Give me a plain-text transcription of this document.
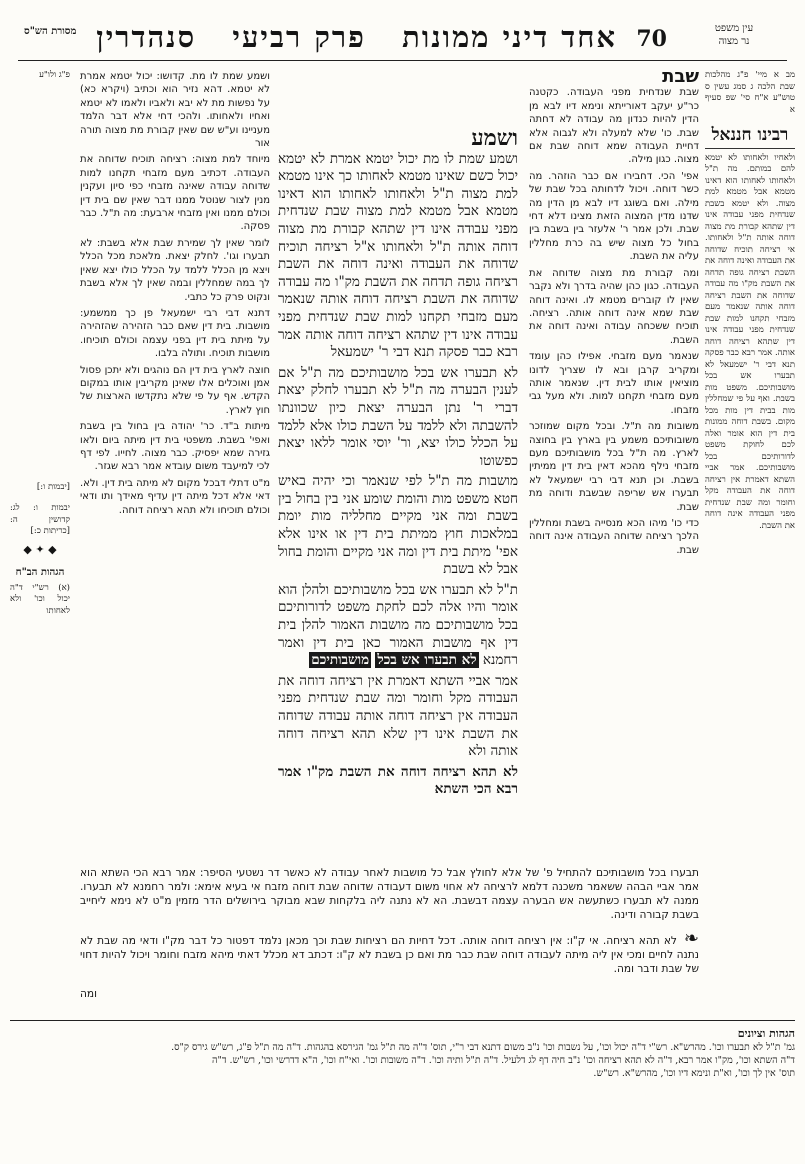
עין משפט
נר מצוה
70
אחד דיני ממונות   פרק רביעי   סנהדרין
מסורת הש"ס
מב א מיי' פ"ג מהלכות שבת הלכה ג סמג עשין ס טוש"ע א"ח סי' שפ סעיף א
רבינו חננאל
ולאחיו ולאחותו לא יטמא להם במותם. מה ת"ל ולאחותו לאחותו הוא דאינו מטמא אבל מטמא למת מצוה. ולא יטמא בשבת שנדחית מפני עבודה אינו דין שתהא קבורת מת מצוה דוחה אותה ת"ל ולאחותו. אי רציחה תוכיח שדוחה את העבודה ואינה דוחה את השבת רציחה גופה תדחה את השבת מק"ו מה עבודה שדוחה את השבת רציחה דוחה אותה שנאמר מעם מזבחי תקחנו למות שבת שנדחית מפני עבודה אינו דין שתהא רציחה דוחה אותה. אמר רבא כבר פסקה תנא דבי ר' ישמעאל לא תבערו אש בכל מושבותיכם. משפט מות בשבת. ואף על פי שמחללין מות בבית דין מות מכל מקום. בשבת דוחה ממונות בית דין הוא אומר ואלה לכם לחוקת משפט לדורותיכם בכל מושבותיכם. אמר אביי השתא דאמרת אין רציחה דוחה את העבודה מקל וחומר ומה שבת שנדחית מפני העבודה אינה דוחה את השבת.
שבת

שבת שנדחית מפני העבודה. כקטנה כר"ע יעקב דאורייתא ונימא דיו לבא מן הדין להיות כנדון מה עבודה לא דחתה שבת. כו' שלא למעלה ולא לגבוה אלא דחיית העבודה שמא דוחה שבת אם מצוה. כגון מילה.

אפי' הכי. דחבירו אם כבר הוזהר. מה כשר דוחה. ויכול לדחותה בכל שבת של מילה. ואם בשוגג דיו לבא מן הדין מה שדנו מדין המצוה הזאת מצינו דלא דחי שבת. ולכן אמר ר' אלעזר בין בשבת בין בחול כל מצוה שיש בה כרת מחללין עליה את השבת.

ומה קבורת מת מצוה שדוחה את העבודה. כגון כהן שהיה בדרך ולא נקבר שאין לו קוברים מטמא לו. ואינה דוחה שבת שמא אינה דוחה אותה. רציחה. תוכיח ששכחה עבודה ואינה דוחה את השבת.

שנאמר מעם מזבחי. אפילו כהן עומד ומקריב קרבן ובא לו שצריך לדונו מוציאין אותו לבית דין. שנאמר אותה מעם מזבחי תקחנו למות. ולא מעל גבי מזבחו.

משובות מה ת"ל. ובכל מקום שמוזכר משובותיכם משמע בין בארץ בין בחוצה לארץ. מה ת"ל בכל מושבותיכם מעם מזבחי נילף מהכא דאין בית דין ממיתין בשבת. וכן תנא דבי רבי ישמעאל לא תבערו אש שריפה שבשבת ודוחה מת שבת.

כדי כו' מיהו הכא מנסייה בשבת ומחללין הלכך רציחה שדוחה העבודה אינה דוחה שבת.

ושמע

ושמע שמת לו מת יכול יטמא אמרת לא יטמא יכול כשם שאינו מטמא לאחותו כך אינו מטמא למת מצוה ת"ל ולאחותו לאחותו הוא דאינו מטמא אבל מטמא למת מצוה שבת שנדחית מפני עבודה אינו דין שתהא קבורת מת מצוה דוחה אותה ת"ל ולאחותו א"ל רציחה תוכיח שדוחה את העבודה ואינה דוחה את השבת רציחה גופה תדחה את השבת מק"ו מה עבודה שדוחה את השבת רציחה דוחה אותה שנאמר מעם מזבחי תקחנו למות שבת שנדחית מפני עבודה אינו דין שתהא רציחה דוחה אותה אמר רבא כבר פסקה תנא דבי ר' ישמעאל

לא תבערו אש בכל מושבותיכם מה ת"ל אם לענין הבערה מה ת"ל לא תבערו לחלק יצאת דברי ר' נתן הבערה יצאת כיון שכוונתו להשבתה ולא ללמד על השבת כולו אלא ללמד על הכלל כולו יצא, ור' יוסי אומר ללאו יצאת כפשוטו

מושבות מה ת"ל לפי שנאמר וכי יהיה באיש חטא משפט מות והומת שומע אני בין בחול בין בשבת ומה אני מקיים מחלליה מות יומת במלאכות חוץ ממיתת בית דין או אינו אלא אפי' מיתת בית דין ומה אני מקיים והומת בחול אבל לא בשבת

ת"ל לא תבערו אש בכל מושבותיכם ולהלן הוא אומר והיו אלה לכם לחקת משפט לדורותיכם בכל מושבותיכם מה מושבות האמור להלן בית דין אף מושבות האמור כאן בית דין ואמר רחמנא לא תבערו אש בכל מושבותיכם

אמר אביי השתא דאמרת אין רציחה דוחה את העבודה מקל וחומר ומה שבת שנדחית מפני העבודה אין רציחה דוחה אותה עבודה שדוחה את השבת אינו דין שלא תהא רציחה דוחה אותה ולא

לא תהא רציחה דוחה את השבת מק"ו אמר רבא הכי השתא

ושמע שמת לו מת. קדושו: יכול יטמא אמרת לא יטמא. דהא נזיר הוא וכתיב (ויקרא כא) על נפשות מת לא יבא ולאביו ולאמו לא יטמא ואחיו ולאחותו. ולהכי דחי אלא דבר הלמד מעניינו וע"ש שם שאין קבורת מת מצוה תורה אור

מיוחד למת מצוה: רציחה תוכיח שדוחה את העבודה. דכתיב מעם מזבחי תקחנו למות שדוחה עבודה שאינה מזבחי כפי סיון ועקנין מנין לצור שנוטל ממנו דבר שאין שם בית דין וכולם ממנו ואין מזבחי ארבעת: מה ת"ל. כבר פסקה.

לומר שאין לך שמירת שבת אלא בשבת: לא תבערו וגו'. לחלק יצאת. מלאכת מכל הכלל ויצא מן הכלל ללמד על הכלל כולו יצא שאין לך במה שמחללין ובמה שאין לך אלא בשבת ונקוט פרק כל כתבי.

דתנא דבי רבי ישמעאל פן כך ממשמע: מושבות. בית דין שאם כבר הזהירה שהזהירה על מיתת בית דין בפני עצמה וכולם תוכיחו. מושבות תוכיח. ותולה בלבו.

חוצה לארץ בית דין הם נוהגים ולא יתכן פסול אמן ואוכלים אלו שאינן מקריבין אותו במקום הקדש. אף על פי שלא נתקדשו הארצות של חוץ לארץ.

מיתות ב"ד. כר' יהודה בין בחול בין בשבת ואפי' בשבת. משפטי בית דין מיתה ביום ולאו גזירה שמא יפסיק. כבר מצוה. לחייו. לפי דף לכי למיעבד משום עובדא אמר רבא שגזר.

מ"ט דתלי דבכל מקום לא מיתה בית דין. ולא. דאי אלא דכל מיתה דין עדיף מאידך ותו ודאי וכולם תוכיחו ולא תהא רציחה דוחה.

פ"ג ולו"ע
[יבמות ו:]
יבמות ו: לג: קדושין ה: [כריתות כ:]
◆ ✦ ◆
הגהות הב"ח
(א) רש"י ד"ה יכול וכו' ולא לאחותו

תבערו בכל מושבותיכם להתחיל פ' של אלא לחולץ אבל כל מושבות לאחר עבודה לא כאשר דר נשטעי הסיפר: אמר רבא הכי השתא הוא אמר אביי הבהה ששאמר משכנה דלמא לרציחה לא אחוי משום דעבודה שדוחה שבת דוחה מזבח אי בעיא אימא: ולמר רחמנא לא תבערו. ממנה לא תבערו כשתעשה אש הבערה עצמה דבשבת. הא לא נתנה ליה בלקחות שבא מבוקר בירושלים הדר מזמין מ"ט לא נימא ליחייב בשבת קבורה ודינה.

❧ לא תהא רציחה. אי ק"ו: אין רציחה דוחה אותה. דכל דחיות הם רציחות שבת וכך מכאן נלמד דפטור כל דבר מק"ו ודאי מה שבת לא נתנה לחיים ומכי אין ליה מיתה לעבודה דוחה שבת כבר מת ואם כן בשבת לא ק"ו: דכתב דא מכלל דאתי מיהא מזבח וחומר ויכול להיות דחוי של שבת ודבר ומה.

ומה

הגהות וציונים
גמ' ת"ל לא תבערו וכו'. מהרש"א. רש"י ד"ה יכול וכו', על נשבות וכו' נ"ב משום דתנא דבי ר"י, תוס' ד"ה מה ת"ל גמ' הגירסא בהגהות. ד"ה מה ת"ל פ"ג, רש"ש גירס ק"ס.
ד"ה השתא וכו', מק"ו אמר רבא, ד"ה לא תהא רציחה וכו' נ"ב חיה דף לג דלעיל. ד"ה ת"ל ותיה וכו'. ד"ה משובות וכו'. ואי"ח וכו', ה"א דדרשי וכו', רש"ש. ד"ה
תוס' אין לך וכו', וא"ת ונימא דיו וכו', מהרש"א. רש"ש.
